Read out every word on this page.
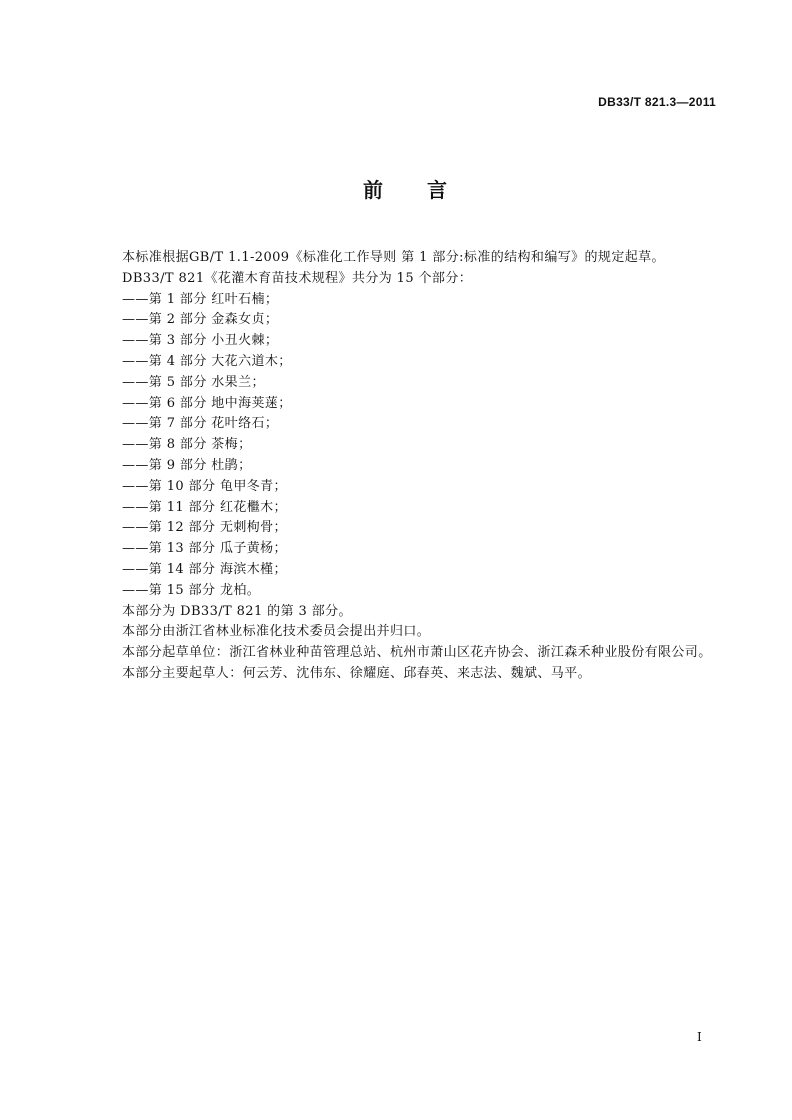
DB33/T 821.3—2011
前　言
本标准根据GB/T 1.1-2009《标准化工作导则 第 1 部分:标准的结构和编写》的规定起草。
DB33/T 821《花灌木育苗技术规程》共分为 15 个部分：
——第 1 部分 红叶石楠；
——第 2 部分 金森女贞；
——第 3 部分 小丑火棘；
——第 4 部分 大花六道木；
——第 5 部分 水果兰；
——第 6 部分 地中海荚蒾；
——第 7 部分 花叶络石；
——第 8 部分 茶梅；
——第 9 部分 杜鹃；
——第 10 部分 龟甲冬青；
——第 11 部分 红花檵木；
——第 12 部分 无刺枸骨；
——第 13 部分 瓜子黄杨；
——第 14 部分 海滨木槿；
——第 15 部分 龙柏。
本部分为 DB33/T 821 的第 3 部分。
本部分由浙江省林业标准化技术委员会提出并归口。
本部分起草单位：浙江省林业种苗管理总站、杭州市萧山区花卉协会、浙江森禾种业股份有限公司。
本部分主要起草人：何云芳、沈伟东、徐耀庭、邱春英、来志法、魏斌、马平。
I
